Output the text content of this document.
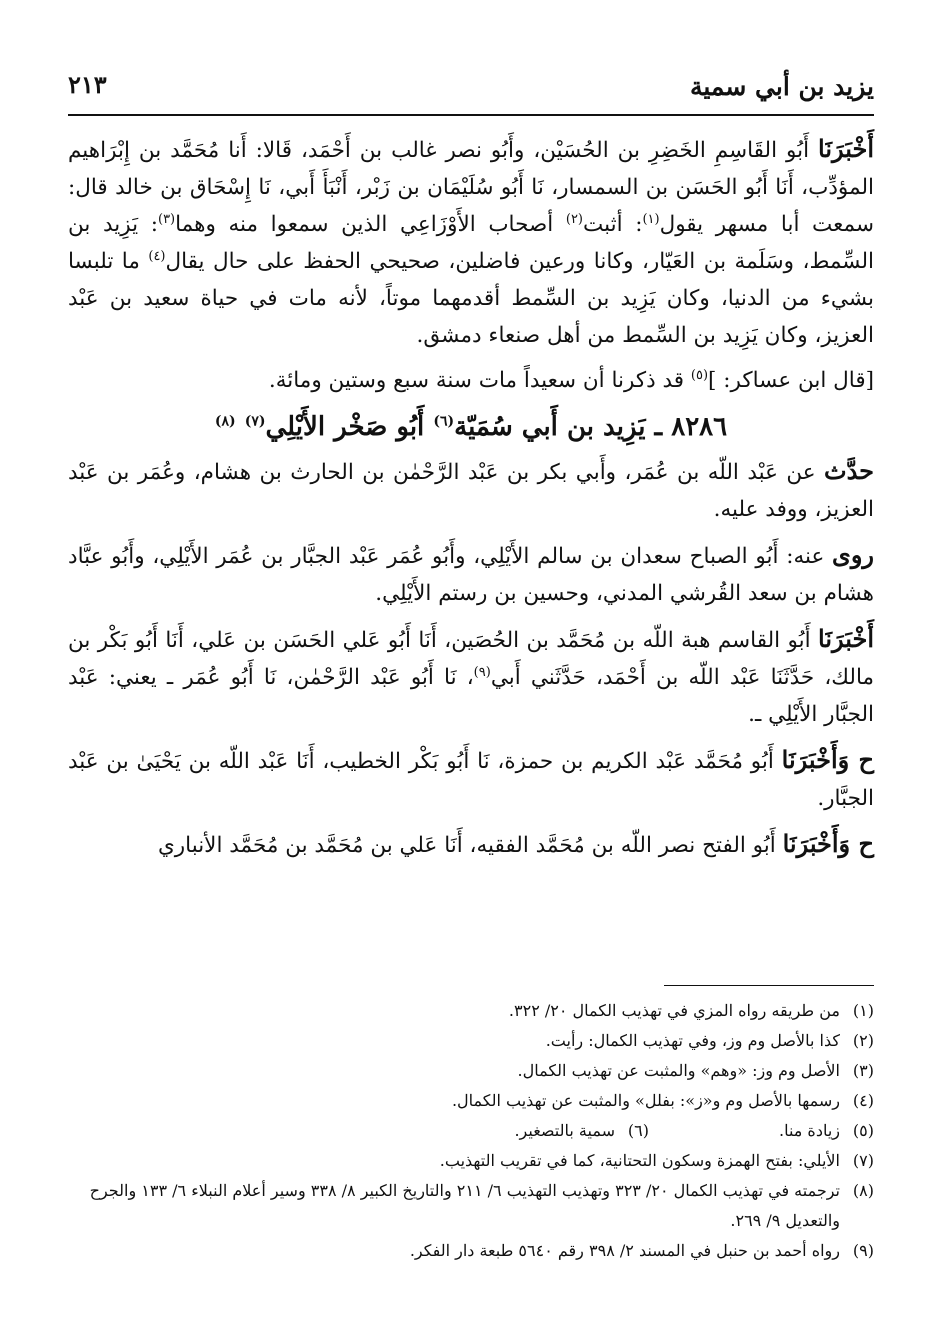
يزيد بن أبي سمية
٢١٣

أَخْبَرَنَا أَبُو القَاسِمِ الخَضِرِ بن الحُسَيْن، وأَبُو نصر غالب بن أَحْمَد، قَالا: أَنا مُحَمَّد بن إِبْرَاهيم المؤدِّب، أَنَا أَبُو الحَسَن بن السمسار، نَا أَبُو سُلَيْمَان بن زَبْر، أَنْبَأَ أَبي، نَا إِسْحَاق بن خالد قال: سمعت أبا مسهر يقول$^{(١)}$: أثبت$^{(٢)}$ أصحاب الأَوْزَاعِي الذين سمعوا منه وهما$^{(٣)}$: يَزِيد بن السِّمط، وسَلَمة بن العَيّار، وكانا ورعين فاضلين، صحيحي الحفظ على حال يقال$^{(٤)}$ ما تلبسا بشيء من الدنيا، وكان يَزِيد بن السِّمط أقدمهما موتاً، لأنه مات في حياة سعيد بن عَبْد العزيز، وكان يَزِيد بن السِّمط من أهل صنعاء دمشق.

[قال ابن عساكر: ]$^{(٥)}$ قد ذكرنا أن سعيداً مات سنة سبع وستين ومائة.

٨٢٨٦ ـ يَزِيد بن أَبي سُمَيّة$^{(٦)}$ أَبُو صَخْر الأَيْلِي$^{(٧)}$ $^{(٨)}$

حدَّث عن عَبْد اللّه بن عُمَر، وأَبي بكر بن عَبْد الرَّحْمٰن بن الحارث بن هشام، وعُمَر بن عَبْد العزيز، ووفد عليه.

روى عنه: أَبُو الصباح سعدان بن سالم الأَيْلِي، وأَبُو عُمَر عَبْد الجبَّار بن عُمَر الأَيْلِي، وأَبُو عبَّاد هشام بن سعد القُرشي المدني، وحسين بن رستم الأَيْلِي.

أَخْبَرَنَا أَبُو القاسم هبة اللّه بن مُحَمَّد بن الحُصَين، أَنَا أَبُو عَلي الحَسَن بن عَلي، أَنَا أَبُو بَكْر بن مالك، حَدَّثَنَا عَبْد اللّه بن أَحْمَد، حَدَّثَني أَبي$^{(٩)}$، نَا أَبُو عَبْد الرَّحْمٰن، نَا أَبُو عُمَر ـ يعني: عَبْد الجبَّار الأَيْلِي ـ.

ح وَأَخْبَرَنَا أَبُو مُحَمَّد عَبْد الكريم بن حمزة، نَا أَبُو بَكْر الخطيب، أَنَا عَبْد اللّه بن يَحْيَىٰ بن عَبْد الجبَّار.

ح وَأَخْبَرَنَا أَبُو الفتح نصر اللّه بن مُحَمَّد الفقيه، أَنَا عَلي بن مُحَمَّد بن مُحَمَّد الأنباري

(١)
من طريقه رواه المزي في تهذيب الكمال ٢٠/ ٣٢٢.
(٢)
كذا بالأصل وم وز، وفي تهذيب الكمال: رأيت.
(٣)
الأصل وم وز: «وهم» والمثبت عن تهذيب الكمال.
(٤)
رسمها بالأصل وم و«ز»: بفلل» والمثبت عن تهذيب الكمال.
(٥)
زيادة منا.
(٦)
سمية بالتصغير.
(٧)
الأيلي: بفتح الهمزة وسكون التحتانية، كما في تقريب التهذيب.
(٨)
ترجمته في تهذيب الكمال ٢٠/ ٣٢٣ وتهذيب التهذيب ٦/ ٢١١ والتاريخ الكبير ٨/ ٣٣٨ وسير أعلام النبلاء ٦/ ١٣٣ والجرح والتعديل ٩/ ٢٦٩.
(٩)
رواه أحمد بن حنبل في المسند ٢/ ٣٩٨ رقم ٥٦٤٠ طبعة دار الفكر.
